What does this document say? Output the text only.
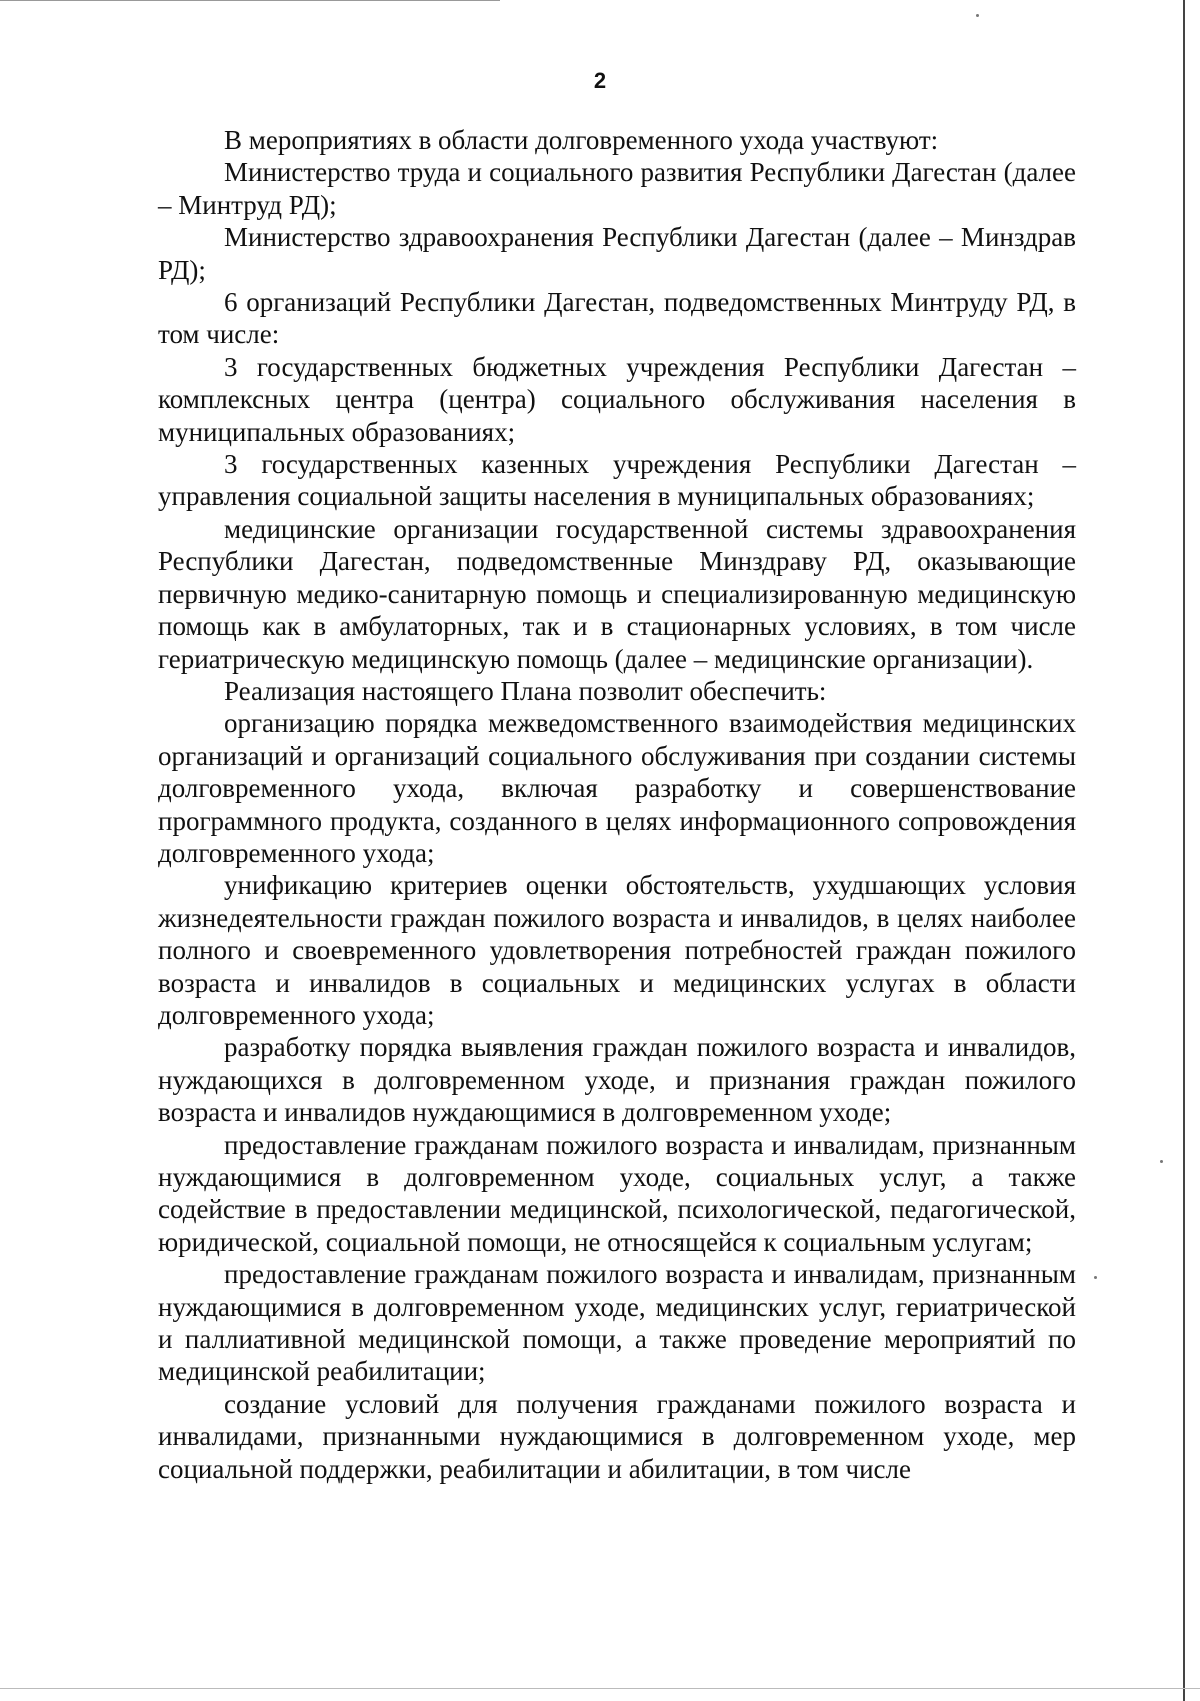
2

В мероприятиях в области долговременного ухода участвуют:

Министерство труда и социального развития Республики Дагестан (далее – Минтруд РД);

Министерство здравоохранения Республики Дагестан (далее – Минздрав РД);

6 организаций Республики Дагестан, подведомственных Минтруду РД, в том числе:

3 государственных бюджетных учреждения Республики Дагестан – комплексных центра (центра) социального обслуживания населения в муниципальных образованиях;

3 государственных казенных учреждения Республики Дагестан – управления социальной защиты населения в муниципальных образованиях;

медицинские организации государственной системы здравоохранения Республики Дагестан, подведомственные Минздраву РД, оказывающие первичную медико-санитарную помощь и специализированную медицинскую помощь как в амбулаторных, так и в стационарных условиях, в том числе гериатрическую медицинскую помощь (далее – медицинские организации).

Реализация настоящего Плана позволит обеспечить:

организацию порядка межведомственного взаимодействия медицинских организаций и организаций социального обслуживания при создании системы долговременного ухода, включая разработку и совершенствование программного продукта, созданного в целях информационного сопровождения долговременного ухода;

унификацию критериев оценки обстоятельств, ухудшающих условия жизнедеятельности граждан пожилого возраста и инвалидов, в целях наиболее полного и своевременного удовлетворения потребностей граждан пожилого возраста и инвалидов в социальных и медицинских услугах в области долговременного ухода;

разработку порядка выявления граждан пожилого возраста и инвалидов, нуждающихся в долговременном уходе, и признания граждан пожилого возраста и инвалидов нуждающимися в долговременном уходе;

предоставление гражданам пожилого возраста и инвалидам, признанным нуждающимися в долговременном уходе, социальных услуг, а также содействие в предоставлении медицинской, психологической, педагогической, юридической, социальной помощи, не относящейся к социальным услугам;

предоставление гражданам пожилого возраста и инвалидам, признанным нуждающимися в долговременном уходе, медицинских услуг, гериатрической и паллиативной медицинской помощи, а также проведение мероприятий по медицинской реабилитации;

создание условий для получения гражданами пожилого возраста и инвалидами, признанными нуждающимися в долговременном уходе, мер социальной поддержки, реабилитации и абилитации, в том числе
